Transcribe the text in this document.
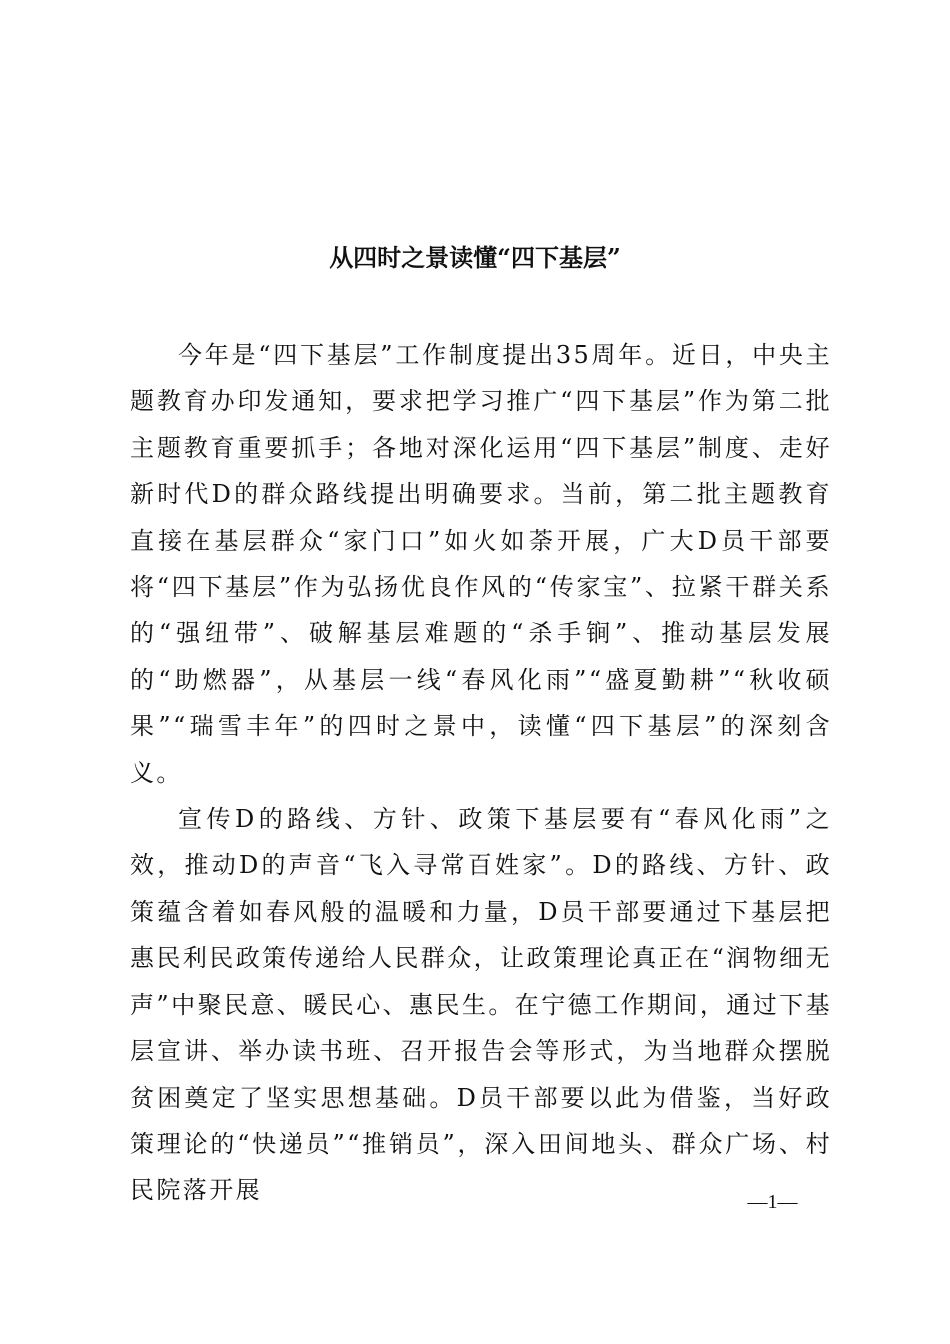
从四时之景读懂“四下基层”

今年是“四下基层”工作制度提出35周年。近日，中央主题教育办印发通知，要求把学习推广“四下基层”作为第二批主题教育重要抓手；各地对深化运用“四下基层”制度、走好新时代D的群众路线提出明确要求。当前，第二批主题教育直接在基层群众“家门口”如火如荼开展，广大D员干部要将“四下基层”作为弘扬优良作风的“传家宝”、拉紧干群关系的“强纽带”、破解基层难题的“杀手锏”、推动基层发展的“助燃器”，从基层一线“春风化雨”“盛夏勤耕”“秋收硕果”“瑞雪丰年”的四时之景中，读懂“四下基层”的深刻含义。

宣传D的路线、方针、政策下基层要有“春风化雨”之效，推动D的声音“飞入寻常百姓家”。D的路线、方针、政策蕴含着如春风般的温暖和力量，D员干部要通过下基层把惠民利民政策传递给人民群众，让政策理论真正在“润物细无声”中聚民意、暖民心、惠民生。在宁德工作期间，通过下基层宣讲、举办读书班、召开报告会等形式，为当地群众摆脱贫困奠定了坚实思想基础。D员干部要以此为借鉴，当好政策理论的“快递员”“推销员”，深入田间地头、群众广场、村民院落开展	—1—
